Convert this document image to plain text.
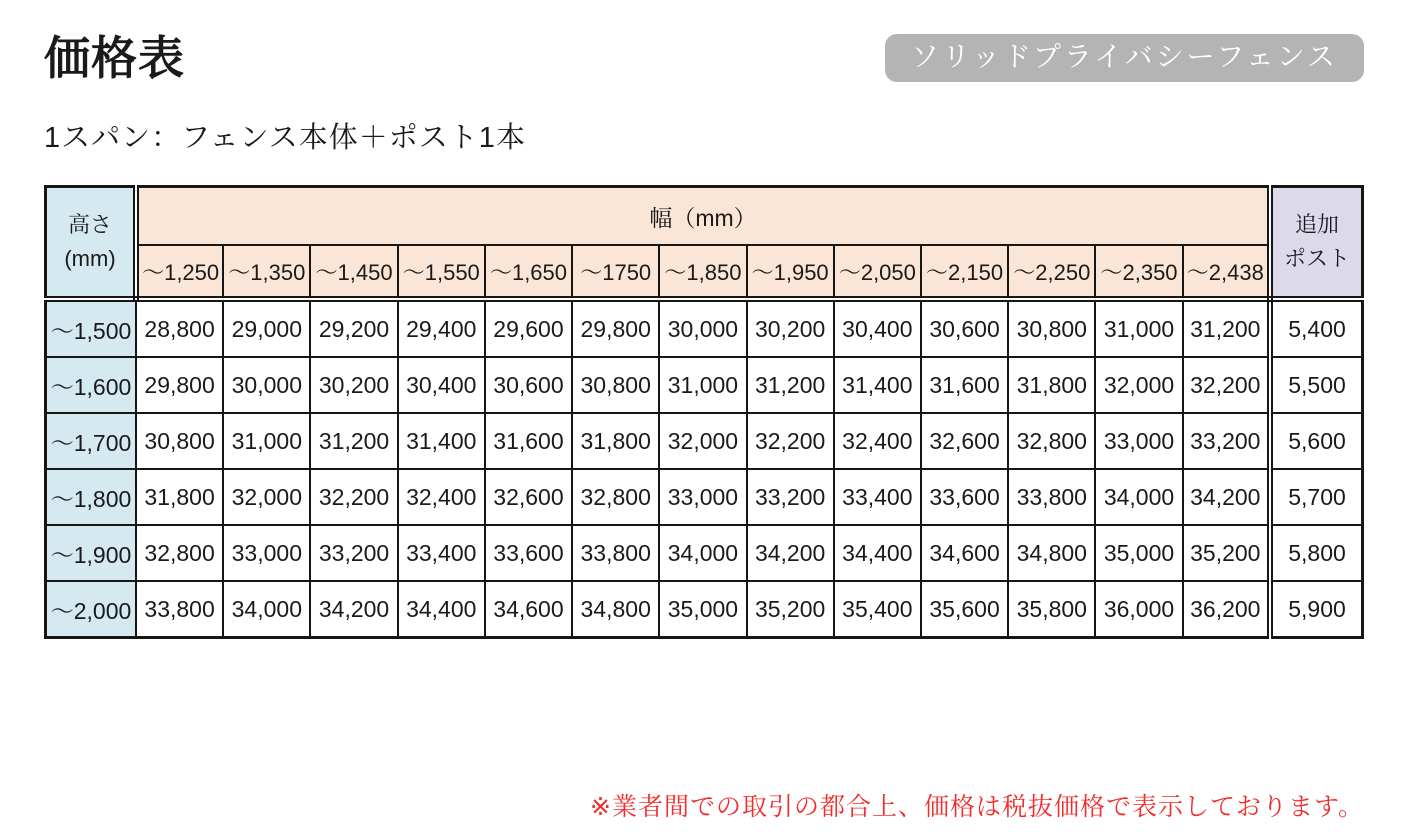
価格表	ソリッドプライバシーフェンス
1スパン：フェンス本体＋ポスト1本
高さ
(mm)	幅（mm）													追加
ポスト
	～1,250	～1,350	～1,450	～1,550	～1,650	～1750	～1,850	～1,950	～2,050	～2,150	～2,250	～2,350	～2,438	
～1,500	28,800	29,000	29,200	29,400	29,600	29,800	30,000	30,200	30,400	30,600	30,800	31,000	31,200	5,400
～1,600	29,800	30,000	30,200	30,400	30,600	30,800	31,000	31,200	31,400	31,600	31,800	32,000	32,200	5,500
～1,700	30,800	31,000	31,200	31,400	31,600	31,800	32,000	32,200	32,400	32,600	32,800	33,000	33,200	5,600
～1,800	31,800	32,000	32,200	32,400	32,600	32,800	33,000	33,200	33,400	33,600	33,800	34,000	34,200	5,700
～1,900	32,800	33,000	33,200	33,400	33,600	33,800	34,000	34,200	34,400	34,600	34,800	35,000	35,200	5,800
～2,000	33,800	34,000	34,200	34,400	34,600	34,800	35,000	35,200	35,400	35,600	35,800	36,000	36,200	5,900
※業者間での取引の都合上、価格は税抜価格で表示しております。
